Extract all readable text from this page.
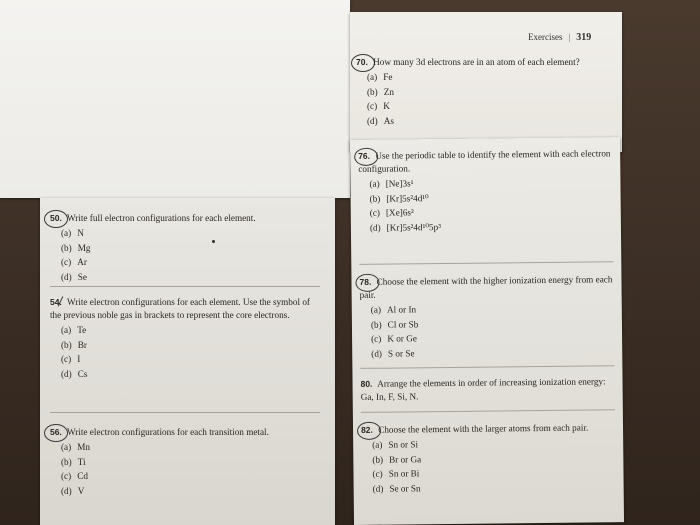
50. Write full electron configurations for each element.
(a) N
(b) Mg
(c) Ar
(d) Se
54. Write electron configurations for each element. Use the symbol of the previous noble gas in brackets to represent the core electrons.
(a) Te
(b) Br
(c) I
(d) Cs
56. Write electron configurations for each transition metal.
(a) Mn
(b) Ti
(c) Cd
(d) V
Exercises | 319
70. How many 3d electrons are in an atom of each element?
(a) Fe
(b) Zn
(c) K
(d) As
76. Use the periodic table to identify the element with each electron configuration.
(a) [Ne]3s¹
(b) [Kr]5s²4d¹⁰
(c) [Xe]6s²
(d) [Kr]5s²4d¹⁰5p³
78. Choose the element with the higher ionization energy from each pair.
(a) Al or In
(b) Cl or Sb
(c) K or Ge
(d) S or Se
80. Arrange the elements in order of increasing ionization energy: Ga, In, F, Si, N.
82. Choose the element with the larger atoms from each pair.
(a) Sn or Si
(b) Br or Ga
(c) Sn or Bi
(d) Se or Sn
